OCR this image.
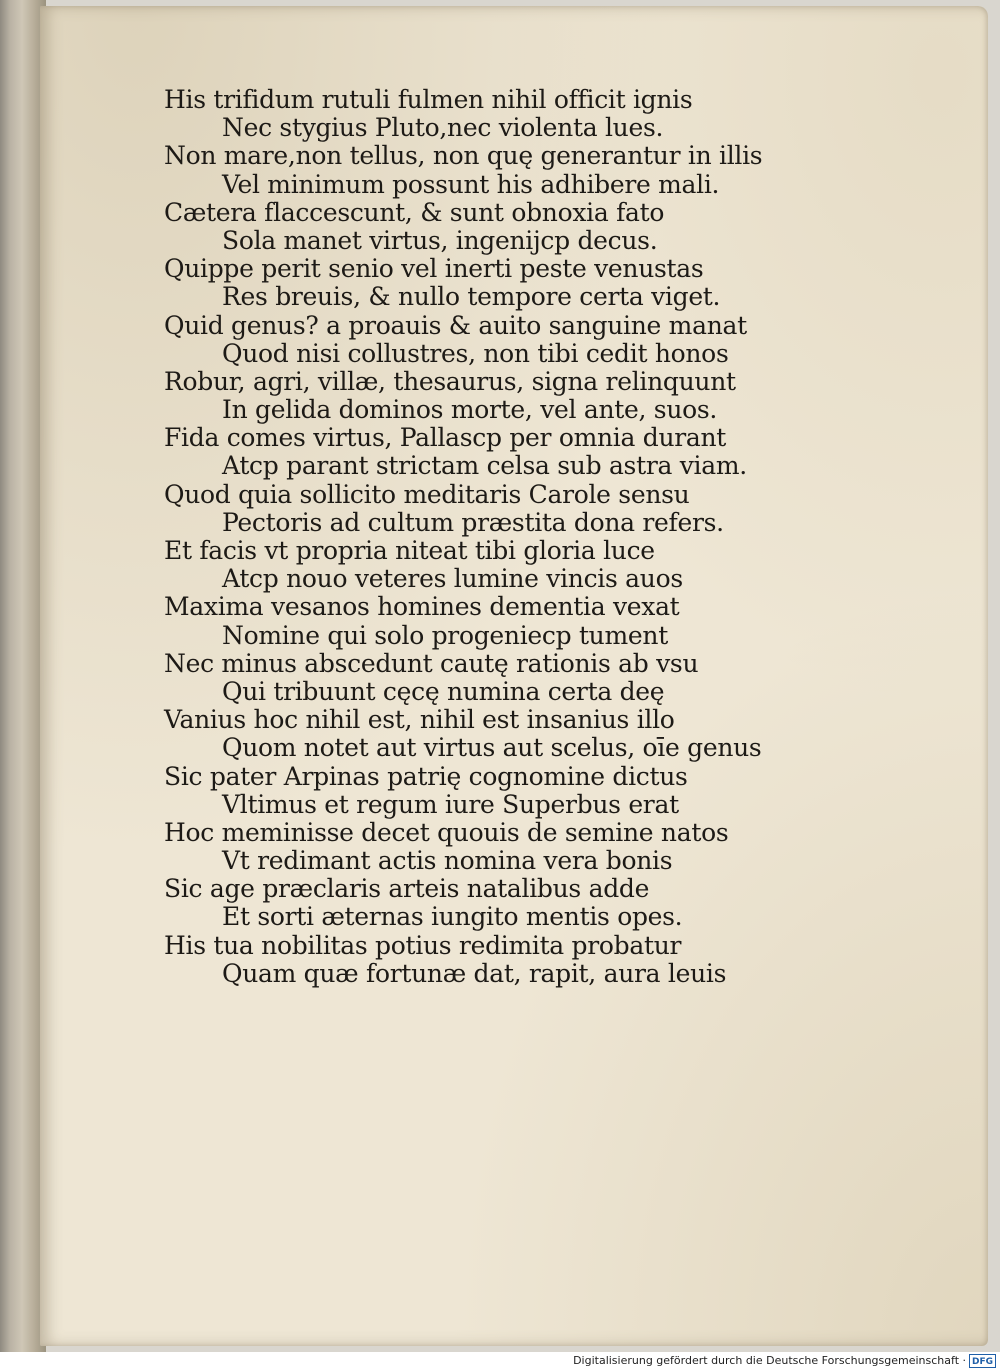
His trifidum rutuli fulmen nihil officit ignis

Nec stygius Pluto,nec violenta lues.

Non mare,non tellus, non quę generantur in illis

Vel minimum possunt his adhibere mali.

Cætera flaccescunt, & sunt obnoxia fato

Sola manet virtus, ingenijcp decus.

Quippe perit senio vel inerti peste venustas

Res breuis, & nullo tempore certa viget.

Quid genus? a proauis & auito sanguine manat

Quod nisi collustres, non tibi cedit honos

Robur, agri, villæ, thesaurus, signa relinquunt

In gelida dominos morte, vel ante, suos.

Fida comes virtus, Pallascp per omnia durant

Atcp parant strictam celsa sub astra viam.

Quod quia sollicito meditaris Carole sensu

Pectoris ad cultum præstita dona refers.

Et facis vt propria niteat tibi gloria luce

Atcp nouo veteres lumine vincis auos

Maxima vesanos homines dementia vexat

Nomine qui solo progeniecp tument

Nec minus abscedunt cautę rationis ab vsu

Qui tribuunt cęcę numina certa deę

Vanius hoc nihil est, nihil est insanius illo

Quom notet aut virtus aut scelus, oīe genus

Sic pater Arpinas patrię cognomine dictus

Vltimus et regum iure Superbus erat

Hoc meminisse decet quouis de semine natos

Vt redimant actis nomina vera bonis

Sic age præclaris arteis natalibus adde

Et sorti æternas iungito mentis opes.

His tua nobilitas potius redimita probatur

Quam quæ fortunæ dat, rapit, aura leuis

Digitalisierung gefördert durch die Deutsche Forschungsgemeinschaft · DFG
